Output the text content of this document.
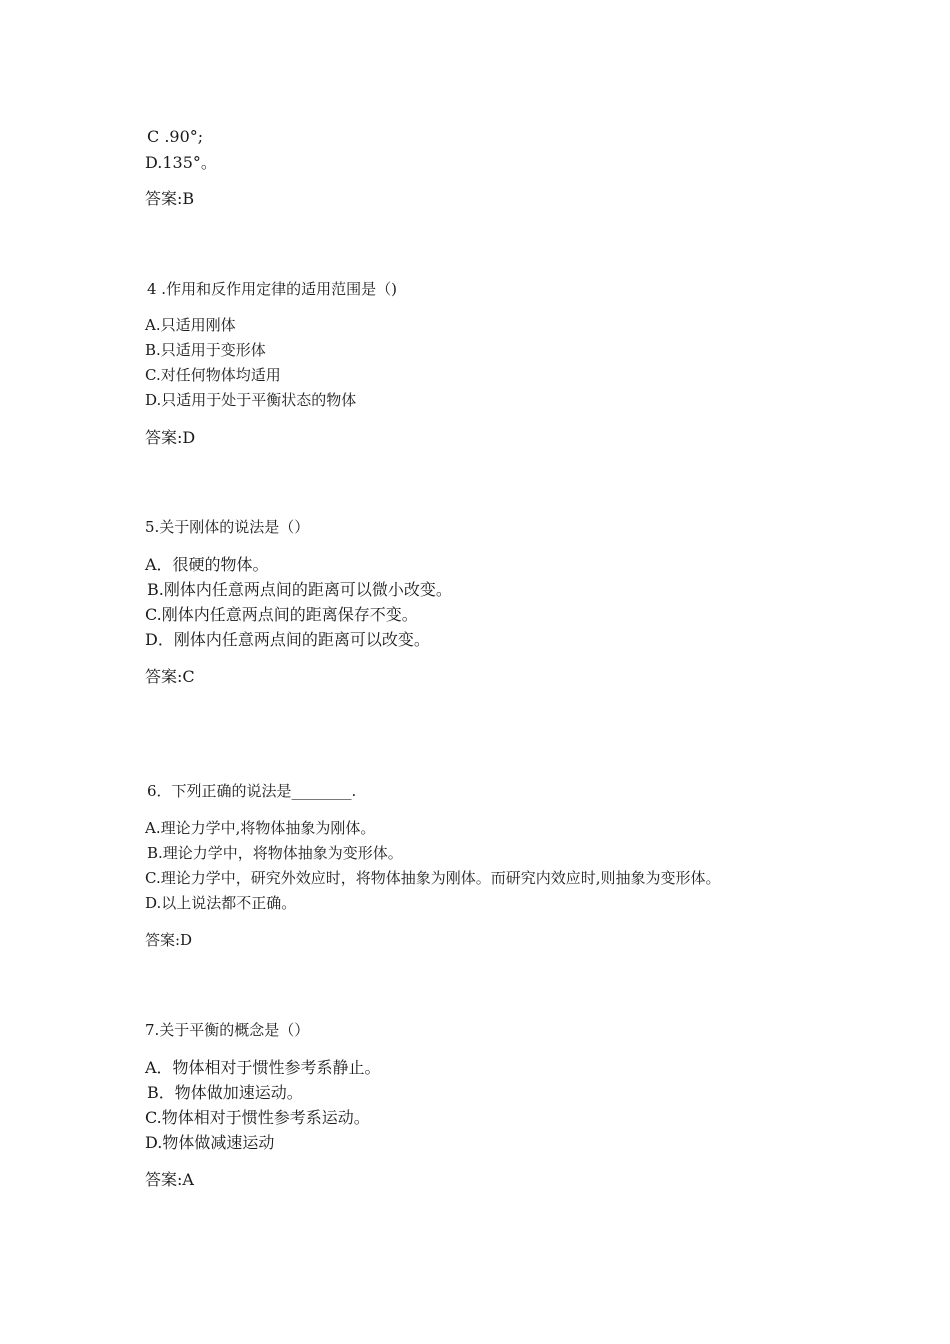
C .90°;
D.135°。
答案:B
4 .作用和反作用定律的适用范围是（)
A.只适用刚体
B.只适用于变形体
C.对任何物体均适用
D.只适用于处于平衡状态的物体
答案:D
5.关于刚体的说法是（）
A．很硬的物体。
B.刚体内任意两点间的距离可以微小改变。
C.刚体内任意两点间的距离保存不变。
D．刚体内任意两点间的距离可以改变。
答案:C
6．下列正确的说法是________.
A.理论力学中,将物体抽象为刚体。
B.理论力学中，将物体抽象为变形体。
C.理论力学中，研究外效应时，将物体抽象为刚体。而研究内效应时,则抽象为变形体。
D.以上说法都不正确。
答案:D
7.关于平衡的概念是（）
A．物体相对于惯性参考系静止。
B．物体做加速运动。
C.物体相对于惯性参考系运动。
D.物体做减速运动
答案:A
